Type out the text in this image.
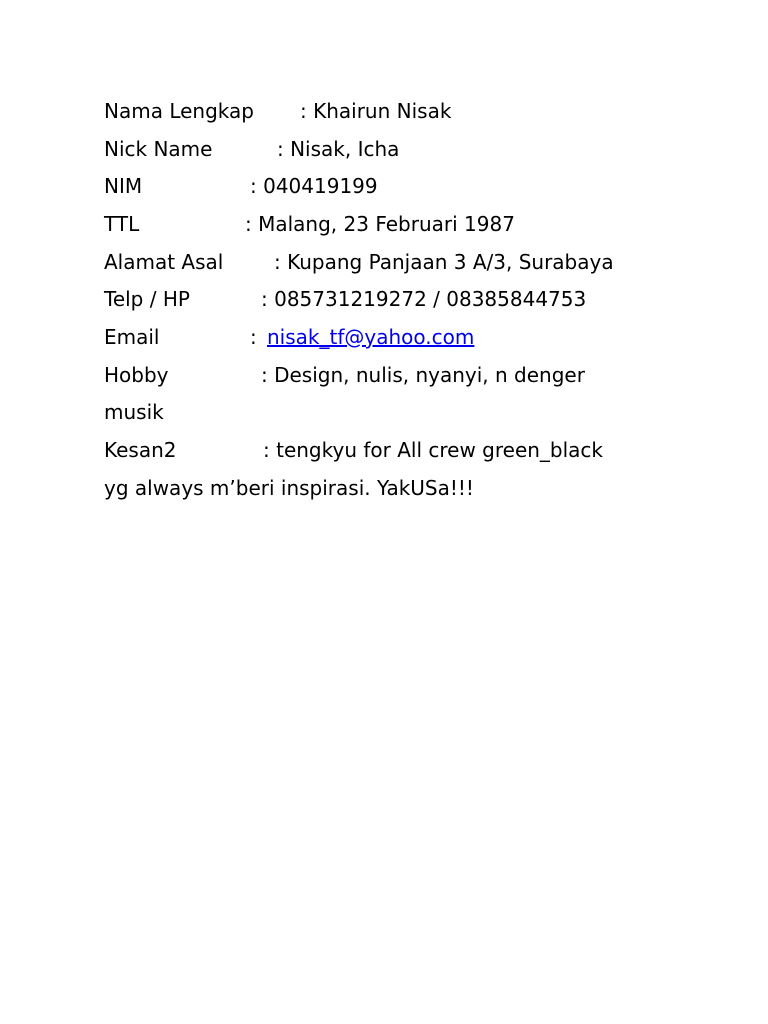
Nama Lengkap : Khairun Nisak
Nick Name	: Nisak, Icha
NIM	: 040419199
TTL	: Malang, 23 Februari 1987
Alamat Asal	: Kupang Panjaan 3 A/3, Surabaya
Telp / HP	: 085731219272 / 08385844753
Email	: nisak_tf@yahoo.com
Hobby	: Design, nulis, nyanyi, n denger
musik
Kesan2	: tengkyu for All crew green_black
yg always m’beri inspirasi. YakUSa!!!
